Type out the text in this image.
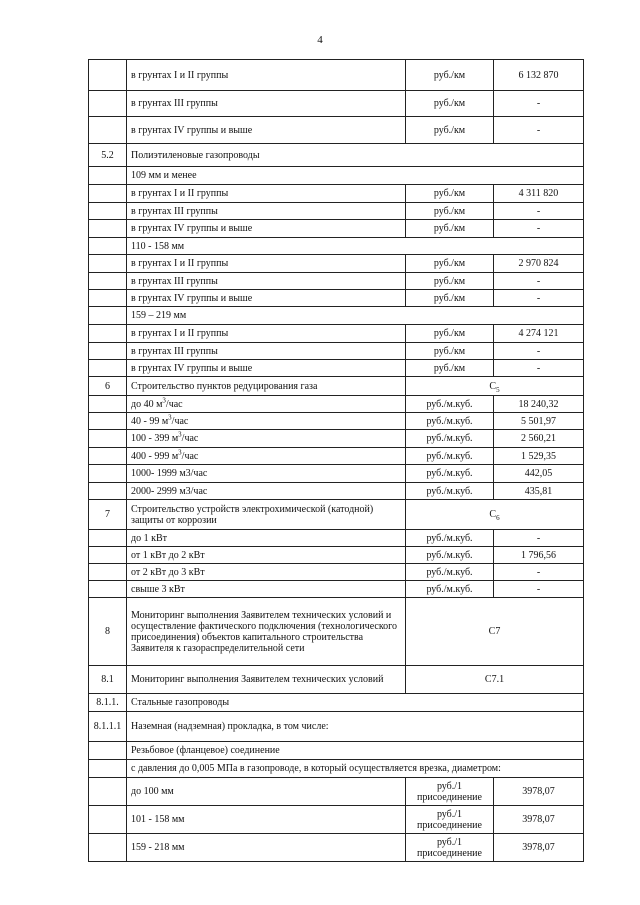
4
	в грунтах I и II группы	руб./км	6 132 870
	в грунтах III группы	руб./км	-
	в грунтах IV группы и выше	руб./км	-
5.2	Полиэтиленовые газопроводы		
	109 мм и менее		
	в грунтах I и II группы	руб./км	4 311 820
	в грунтах III группы	руб./км	-
	в грунтах IV группы и выше	руб./км	-
	110 - 158 мм		
	в грунтах I и II группы	руб./км	2 970 824
	в грунтах III группы	руб./км	-
	в грунтах IV группы и выше	руб./км	-
	159 – 219 мм		
	в грунтах I и II группы	руб./км	4 274 121
	в грунтах III группы	руб./км	-
	в грунтах IV группы и выше	руб./км	-
6	Строительство пунктов редуцирования газа	$C_5$
	до 40 $м^3$/час	руб./м.куб.	18 240,32
	40 - 99 $м^3$/час	руб./м.куб.	5 501,97
	100 - 399 $м^3$/час	руб./м.куб.	2 560,21
	400 - 999 $м^3$/час	руб./м.куб.	1 529,35
	1000- 1999 м3/час	руб./м.куб.	442,05
	2000- 2999 м3/час	руб./м.куб.	435,81
7	Строительство устройств электрохимической (катодной) защиты от коррозии	$C_6$
	до 1 кВт	руб./м.куб.	-
	от 1 кВт до 2 кВт	руб./м.куб.	1 796,56
	от 2 кВт до 3 кВт	руб./м.куб.	-
	свыше 3 кВт	руб./м.куб.	-
8	Мониторинг выполнения Заявителем технических условий и осуществление фактического подключения (технологического присоединения) объектов капитального строительства Заявителя к газораспределительной сети	С7	
8.1	Мониторинг выполнения Заявителем технических условий	С7.1	
8.1.1.	Стальные газопроводы		
8.1.1.1	Наземная (надземная) прокладка, в том числе:		
	Резьбовое (фланцевое) соединение		
	с давления до 0,005 МПа в газопроводе, в который осуществляется врезка, диаметром:		
	до 100 мм	руб./1 присоединение	3978,07
	101 - 158 мм	руб./1 присоединение	3978,07
	159 - 218 мм	руб./1 присоединение	3978,07
